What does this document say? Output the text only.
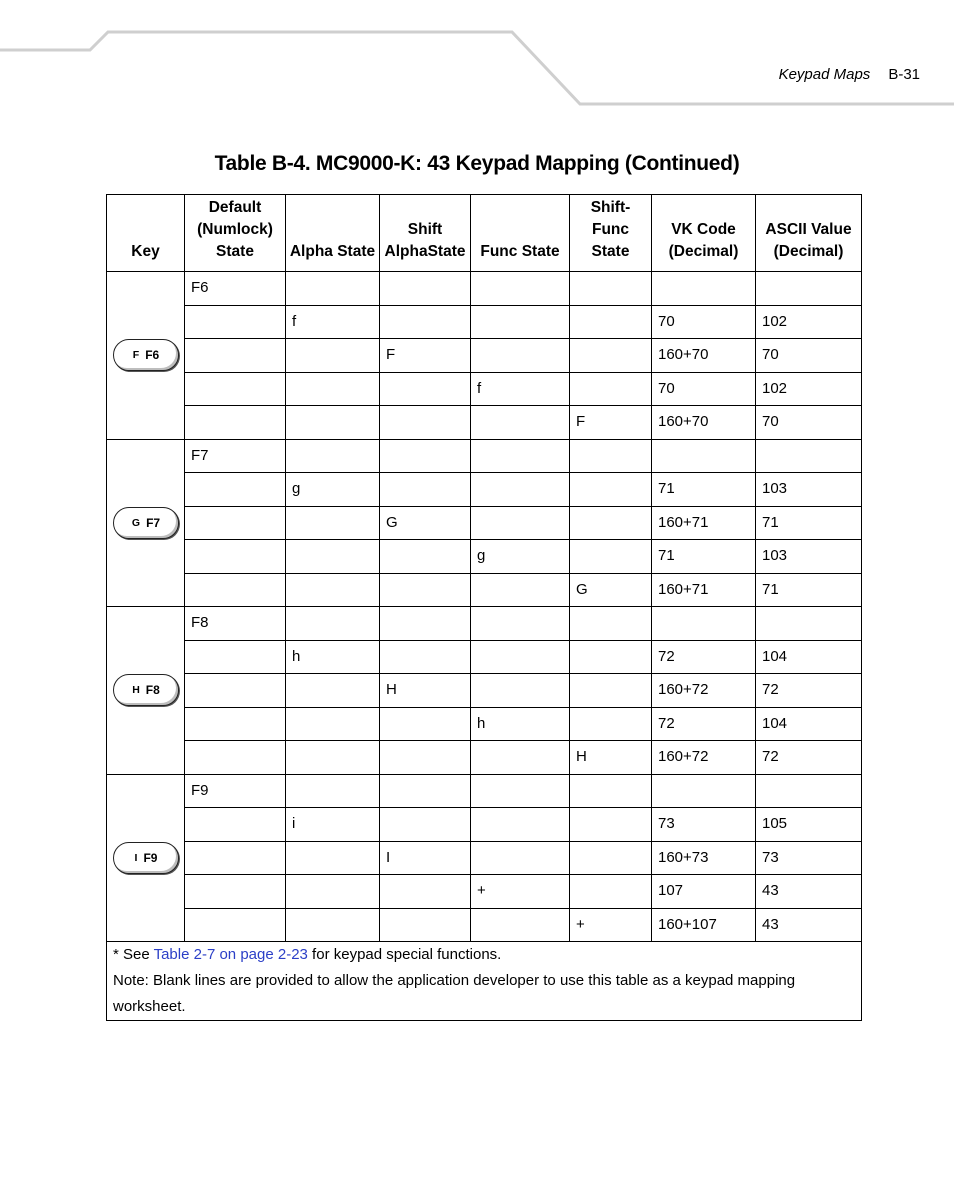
Keypad Maps B-31
Table B-4. MC9000-K: 43 Keypad Mapping (Continued)
Key	Default (Numlock) State	Alpha State	Shift AlphaState	Func State	Shift-Func State	VK Code (Decimal)	ASCII Value (Decimal)

F F6	F6						
		f				70	102
			F			160+70	70
				f		70	102
					F	160+70	70

G F7	F7						
		g				71	103
			G			160+71	71
				g		71	103
					G	160+71	71

H F8	F8						
		h				72	104
			H			160+72	72
				h		72	104
					H	160+72	72

I F9	F9						
		i				73	105
			I			160+73	73
				+		107	43
					+	160+107	43

* See Table 2-7 on page 2-23 for keypad special functions.
Note: Blank lines are provided to allow the application developer to use this table as a keypad mapping worksheet.							
